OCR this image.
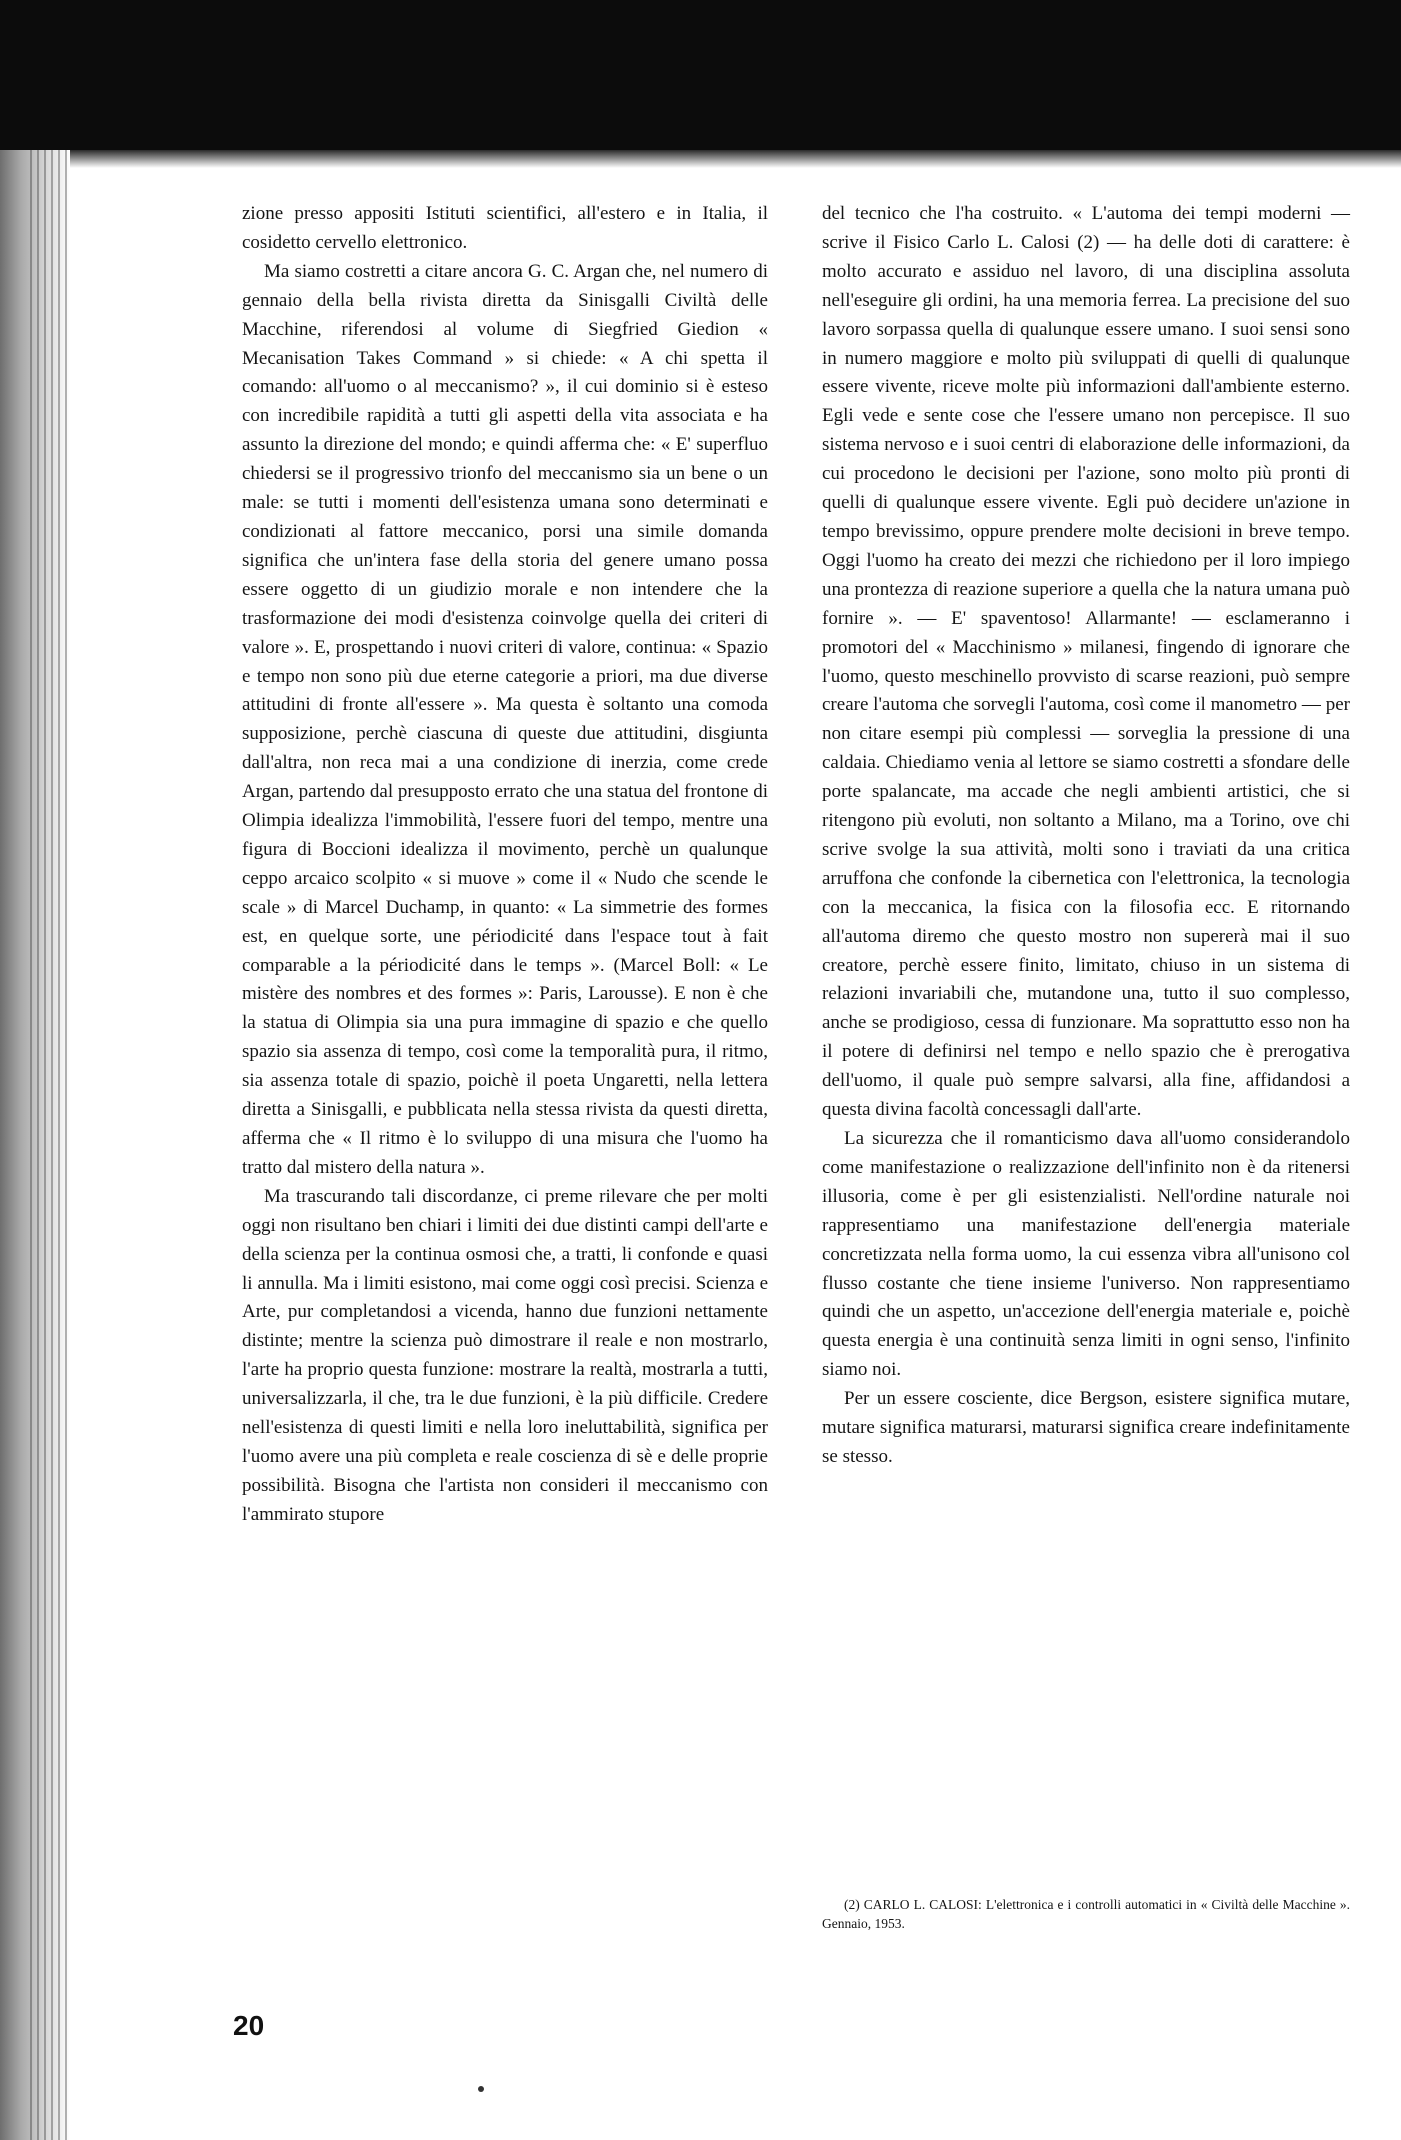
zione presso appositi Istituti scientifici, all'estero e in Italia, il cosidetto cervello elettronico.

Ma siamo costretti a citare ancora G. C. Argan che, nel numero di gennaio della bella rivista diretta da Sinisgalli Civiltà delle Macchine, riferendosi al volume di Siegfried Giedion « Mecanisation Takes Command » si chiede: « A chi spetta il comando: all'uomo o al meccanismo? », il cui dominio si è esteso con incredibile rapidità a tutti gli aspetti della vita associata e ha assunto la direzione del mondo; e quindi afferma che: « E' superfluo chiedersi se il progressivo trionfo del meccanismo sia un bene o un male: se tutti i momenti dell'esistenza umana sono determinati e condizionati al fattore meccanico, porsi una simile domanda significa che un'intera fase della storia del genere umano possa essere oggetto di un giudizio morale e non intendere che la trasformazione dei modi d'esistenza coinvolge quella dei criteri di valore ». E, prospettando i nuovi criteri di valore, continua: « Spazio e tempo non sono più due eterne categorie a priori, ma due diverse attitudini di fronte all'essere ». Ma questa è soltanto una comoda supposizione, perchè ciascuna di queste due attitudini, disgiunta dall'altra, non reca mai a una condizione di inerzia, come crede Argan, partendo dal presupposto errato che una statua del frontone di Olimpia idealizza l'immobilità, l'essere fuori del tempo, mentre una figura di Boccioni idealizza il movimento, perchè un qualunque ceppo arcaico scolpito « si muove » come il « Nudo che scende le scale » di Marcel Duchamp, in quanto: « La simmetrie des formes est, en quelque sorte, une périodicité dans l'espace tout à fait comparable a la périodicité dans le temps ». (Marcel Boll: « Le mistère des nombres et des formes »: Paris, Larousse). E non è che la statua di Olimpia sia una pura immagine di spazio e che quello spazio sia assenza di tempo, così come la temporalità pura, il ritmo, sia assenza totale di spazio, poichè il poeta Ungaretti, nella lettera diretta a Sinisgalli, e pubblicata nella stessa rivista da questi diretta, afferma che « Il ritmo è lo sviluppo di una misura che l'uomo ha tratto dal mistero della natura ».

Ma trascurando tali discordanze, ci preme rilevare che per molti oggi non risultano ben chiari i limiti dei due distinti campi dell'arte e della scienza per la continua osmosi che, a tratti, li confonde e quasi li annulla. Ma i limiti esistono, mai come oggi così precisi. Scienza e Arte, pur completandosi a vicenda, hanno due funzioni nettamente distinte; mentre la scienza può dimostrare il reale e non mostrarlo, l'arte ha proprio questa funzione: mostrare la realtà, mostrarla a tutti, universalizzarla, il che, tra le due funzioni, è la più difficile. Credere nell'esistenza di questi limiti e nella loro ineluttabilità, significa per l'uomo avere una più completa e reale coscienza di sè e delle proprie possibilità. Bisogna che l'artista non consideri il meccanismo con l'ammirato stupore

del tecnico che l'ha costruito. « L'automa dei tempi moderni — scrive il Fisico Carlo L. Calosi (2) — ha delle doti di carattere: è molto accurato e assiduo nel lavoro, di una disciplina assoluta nell'eseguire gli ordini, ha una memoria ferrea. La precisione del suo lavoro sorpassa quella di qualunque essere umano. I suoi sensi sono in numero maggiore e molto più sviluppati di quelli di qualunque essere vivente, riceve molte più informazioni dall'ambiente esterno. Egli vede e sente cose che l'essere umano non percepisce. Il suo sistema nervoso e i suoi centri di elaborazione delle informazioni, da cui procedono le decisioni per l'azione, sono molto più pronti di quelli di qualunque essere vivente. Egli può decidere un'azione in tempo brevissimo, oppure prendere molte decisioni in breve tempo. Oggi l'uomo ha creato dei mezzi che richiedono per il loro impiego una prontezza di reazione superiore a quella che la natura umana può fornire ». — E' spaventoso! Allarmante! — esclameranno i promotori del « Macchinismo » milanesi, fingendo di ignorare che l'uomo, questo meschinello provvisto di scarse reazioni, può sempre creare l'automa che sorvegli l'automa, così come il manometro — per non citare esempi più complessi — sorveglia la pressione di una caldaia. Chiediamo venia al lettore se siamo costretti a sfondare delle porte spalancate, ma accade che negli ambienti artistici, che si ritengono più evoluti, non soltanto a Milano, ma a Torino, ove chi scrive svolge la sua attività, molti sono i traviati da una critica arruffona che confonde la cibernetica con l'elettronica, la tecnologia con la meccanica, la fisica con la filosofia ecc. E ritornando all'automa diremo che questo mostro non supererà mai il suo creatore, perchè essere finito, limitato, chiuso in un sistema di relazioni invariabili che, mutandone una, tutto il suo complesso, anche se prodigioso, cessa di funzionare. Ma soprattutto esso non ha il potere di definirsi nel tempo e nello spazio che è prerogativa dell'uomo, il quale può sempre salvarsi, alla fine, affidandosi a questa divina facoltà concessagli dall'arte.

La sicurezza che il romanticismo dava all'uomo considerandolo come manifestazione o realizzazione dell'infinito non è da ritenersi illusoria, come è per gli esistenzialisti. Nell'ordine naturale noi rappresentiamo una manifestazione dell'energia materiale concretizzata nella forma uomo, la cui essenza vibra all'unisono col flusso costante che tiene insieme l'universo. Non rappresentiamo quindi che un aspetto, un'accezione dell'energia materiale e, poichè questa energia è una continuità senza limiti in ogni senso, l'infinito siamo noi.

Per un essere cosciente, dice Bergson, esistere significa mutare, mutare significa maturarsi, maturarsi significa creare indefinitamente se stesso.

(2) CARLO L. CALOSI: L'elettronica e i controlli automatici in « Civiltà delle Macchine ». Gennaio, 1953.
20
